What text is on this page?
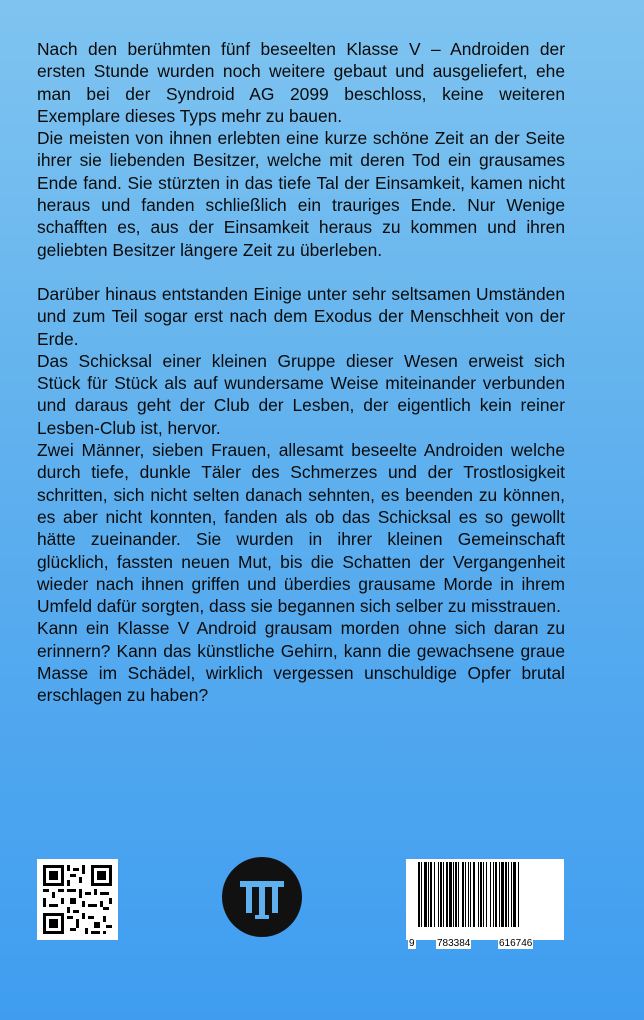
Nach den berühmten fünf beseelten Klasse V – Androiden der ersten Stunde wurden noch weitere gebaut und ausgeliefert, ehe man bei der Syndroid AG 2099 beschloss, keine weiteren Exemplare dieses Typs mehr zu bauen.

Die meisten von ihnen erlebten eine kurze schöne Zeit an der Seite ihrer sie liebenden Besitzer, welche mit deren Tod ein grausames Ende fand. Sie stürzten in das tiefe Tal der Einsamkeit, kamen nicht heraus und fanden schließlich ein trauriges Ende. Nur Wenige schafften es, aus der Einsamkeit heraus zu kommen und ihren geliebten Besitzer längere Zeit zu überleben.

Darüber hinaus entstanden Einige unter sehr seltsamen Umständen und zum Teil sogar erst nach dem Exodus der Menschheit von der Erde.

Das Schicksal einer kleinen Gruppe dieser Wesen erweist sich Stück für Stück als auf wundersame Weise miteinander verbunden und daraus geht der Club der Lesben, der eigentlich kein reiner Lesben-Club ist, hervor.

Zwei Männer, sieben Frauen, allesamt beseelte Androiden welche durch tiefe, dunkle Täler des Schmerzes und der Trostlosigkeit schritten, sich nicht selten danach sehnten, es beenden zu können, es aber nicht konnten, fanden als ob das Schicksal es so gewollt hätte zueinander. Sie wurden in ihrer kleinen Gemeinschaft glücklich, fassten neuen Mut, bis die Schatten der Vergangenheit wieder nach ihnen griffen und überdies grausame Morde in ihrem Umfeld dafür sorgten, dass sie begannen sich selber zu misstrauen.

Kann ein Klasse V Android grausam morden ohne sich daran zu erinnern? Kann das künstliche Gehirn, kann die gewachsene graue Masse im Schädel, wirklich vergessen unschuldige Opfer brutal erschlagen zu haben?

9 783384	616746
